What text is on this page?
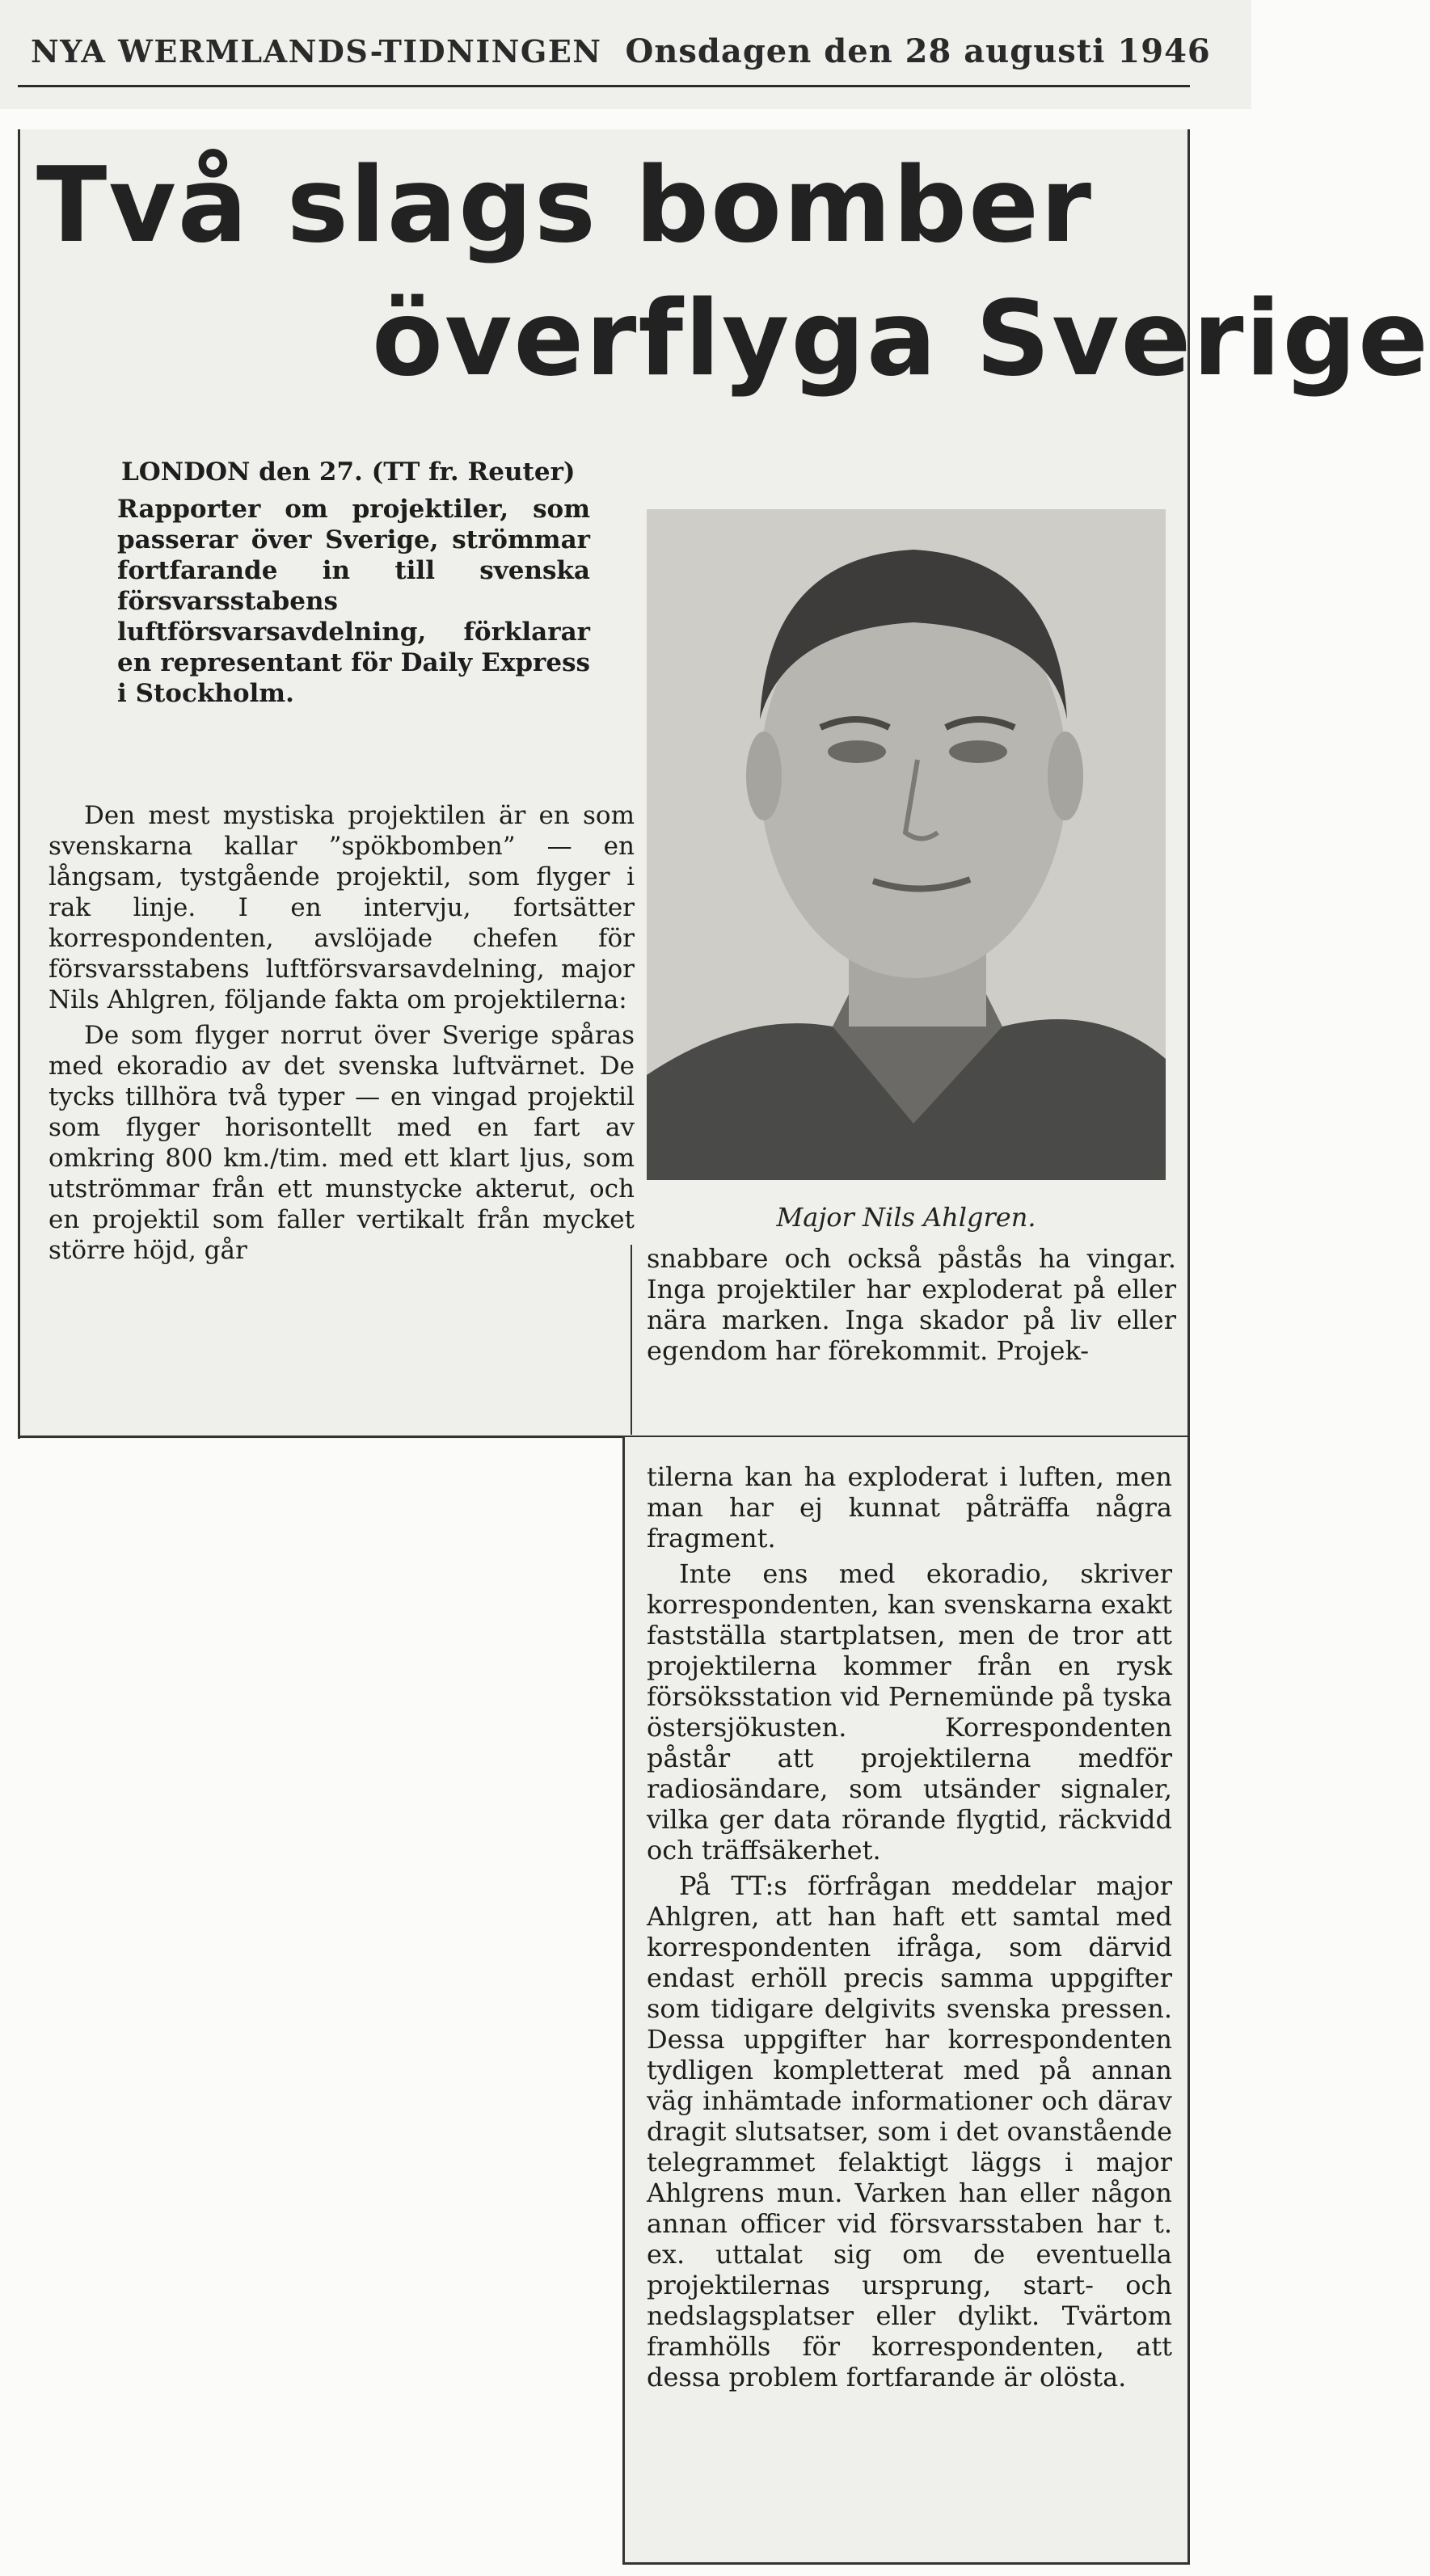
NYA WERMLANDS-TIDNINGEN Onsdagen den 28 augusti 1946
Två slags bomber
överflyga Sverige

LONDON den 27. (TT fr. Reuter)

Rapporter om projektiler, som passerar över Sverige, strömmar fortfarande in till svenska försvarsstabens luftförsvarsavdelning, förklarar en representant för Daily Express i Stockholm.

Den mest mystiska projektilen är en som svenskarna kallar ”spökbomben” — en långsam, tystgående projektil, som flyger i rak linje. I en intervju, fortsätter korrespondenten, avslöjade chefen för försvarsstabens luftförsvarsavdelning, major Nils Ahlgren, följande fakta om projektilerna:

De som flyger norrut över Sverige spåras med ekoradio av det svenska luftvärnet. De tycks tillhöra två typer — en vingad projektil som flyger horisontellt med en fart av omkring 800 km./tim. med ett klart ljus, som utströmmar från ett munstycke akterut, och en projektil som faller vertikalt från mycket större höjd, går

Major Nils Ahlgren.

snabbare och också påstås ha vingar. Inga projektiler har exploderat på eller nära marken. Inga skador på liv eller egendom har förekommit. Projek-

tilerna kan ha exploderat i luften, men man har ej kunnat påträffa några fragment.

Inte ens med ekoradio, skriver korrespondenten, kan svenskarna exakt fastställa startplatsen, men de tror att projektilerna kommer från en rysk försöksstation vid Pernemünde på tyska östersjökusten. Korrespondenten påstår att projektilerna medför radiosändare, som utsänder signaler, vilka ger data rörande flygtid, räckvidd och träffsäkerhet.

På TT:s förfrågan meddelar major Ahlgren, att han haft ett samtal med korrespondenten ifråga, som därvid endast erhöll precis samma uppgifter som tidigare delgivits svenska pressen. Dessa uppgifter har korrespondenten tydligen kompletterat med på annan väg inhämtade informationer och därav dragit slutsatser, som i det ovanstående telegrammet felaktigt läggs i major Ahlgrens mun. Varken han eller någon annan officer vid försvarsstaben har t. ex. uttalat sig om de eventuella projektilernas ursprung, start- och nedslagsplatser eller dylikt. Tvärtom framhölls för korrespondenten, att dessa problem fortfarande är olösta.
